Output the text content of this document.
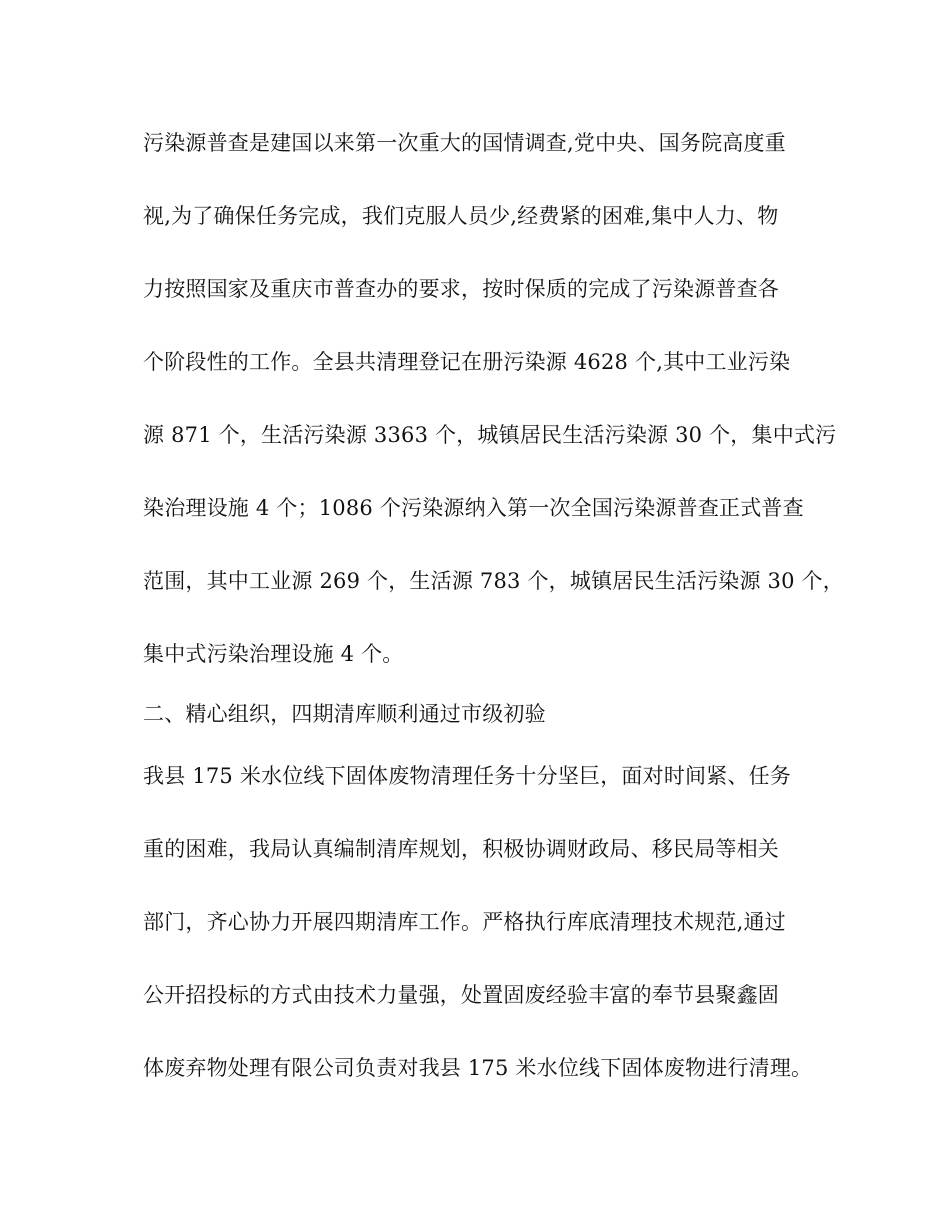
污染源普查是建国以来第一次重大的国情调查,党中央、国务院高度重
视,为了确保任务完成，我们克服人员少,经费紧的困难,集中人力、物
力按照国家及重庆市普查办的要求，按时保质的完成了污染源普查各
个阶段性的工作。全县共清理登记在册污染源 4628 个,其中工业污染
源 871 个，生活污染源 3363 个，城镇居民生活污染源 30 个，集中式污
染治理设施 4 个；1086 个污染源纳入第一次全国污染源普查正式普查
范围，其中工业源 269 个，生活源 783 个，城镇居民生活污染源 30 个，
集中式污染治理设施 4 个。
二、精心组织，四期清库顺利通过市级初验
我县 175 米水位线下固体废物清理任务十分坚巨，面对时间紧、任务
重的困难，我局认真编制清库规划，积极协调财政局、移民局等相关
部门，齐心协力开展四期清库工作。严格执行库底清理技术规范,通过
公开招投标的方式由技术力量强，处置固废经验丰富的奉节县聚鑫固
体废弃物处理有限公司负责对我县 175 米水位线下固体废物进行清理。
